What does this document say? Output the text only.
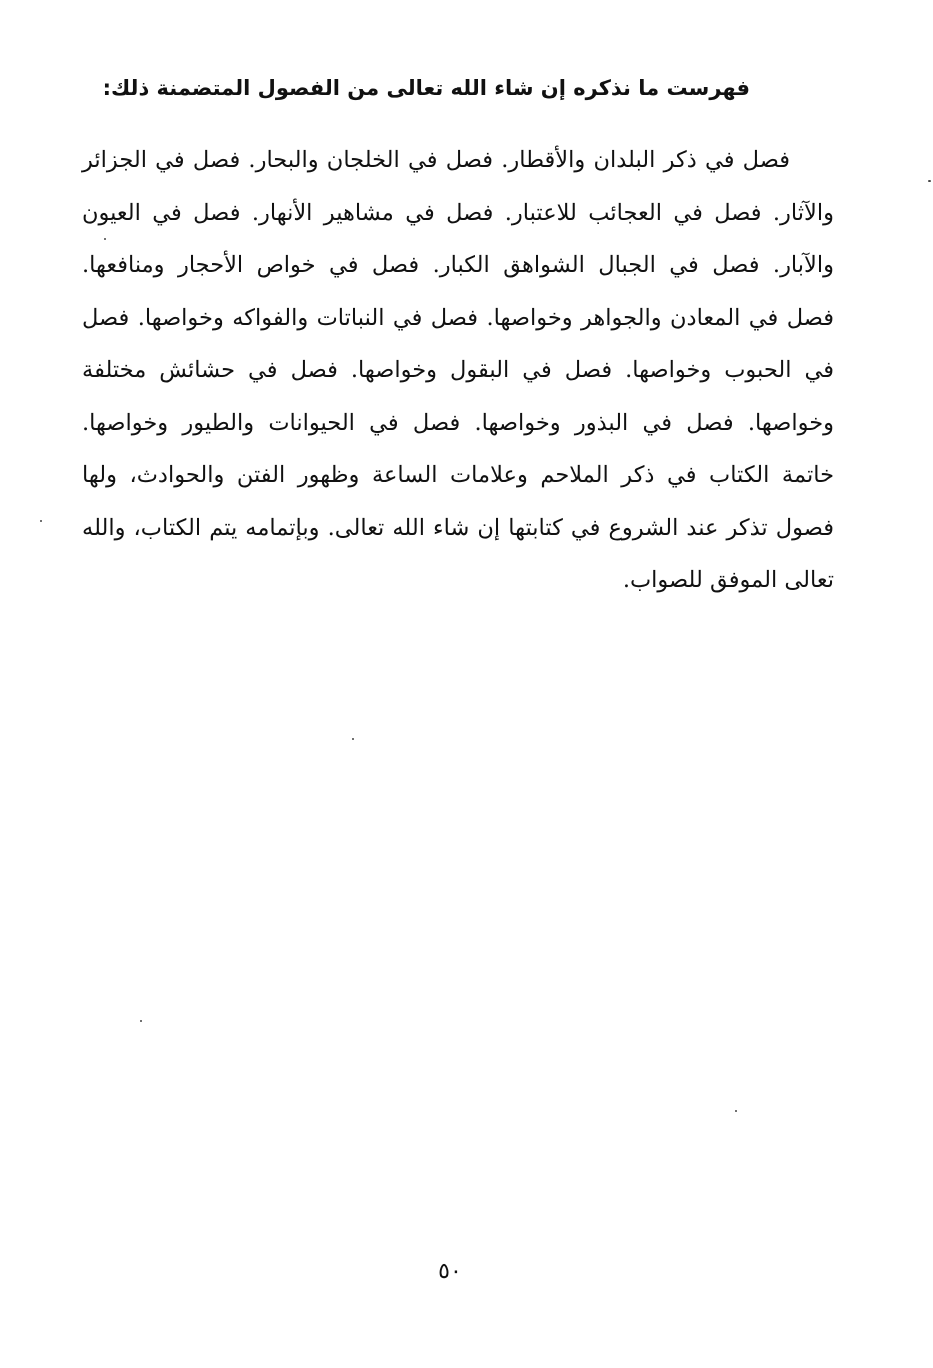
فهرست ما نذكره إن شاء الله تعالى من الفصول المتضمنة ذلك:
فصل في ذكر البلدان والأقطار. فصل في الخلجان والبحار. فصل في الجزائر
والآثار. فصل في العجائب للاعتبار. فصل في مشاهير الأنهار. فصل في العيون
والآبار. فصل في الجبال الشواهق الكبار. فصل في خواص الأحجار ومنافعها.
فصل في المعادن والجواهر وخواصها. فصل في النباتات والفواكه وخواصها. فصل
في الحبوب وخواصها. فصل في البقول وخواصها. فصل في حشائش مختلفة
وخواصها. فصل في البذور وخواصها. فصل في الحيوانات والطيور وخواصها.
خاتمة الكتاب في ذكر الملاحم وعلامات الساعة وظهور الفتن والحوادث، ولها
فصول تذكر عند الشروع في كتابتها إن شاء الله تعالى. وبإتمامه يتم الكتاب، والله
تعالى الموفق للصواب.
٥٠
